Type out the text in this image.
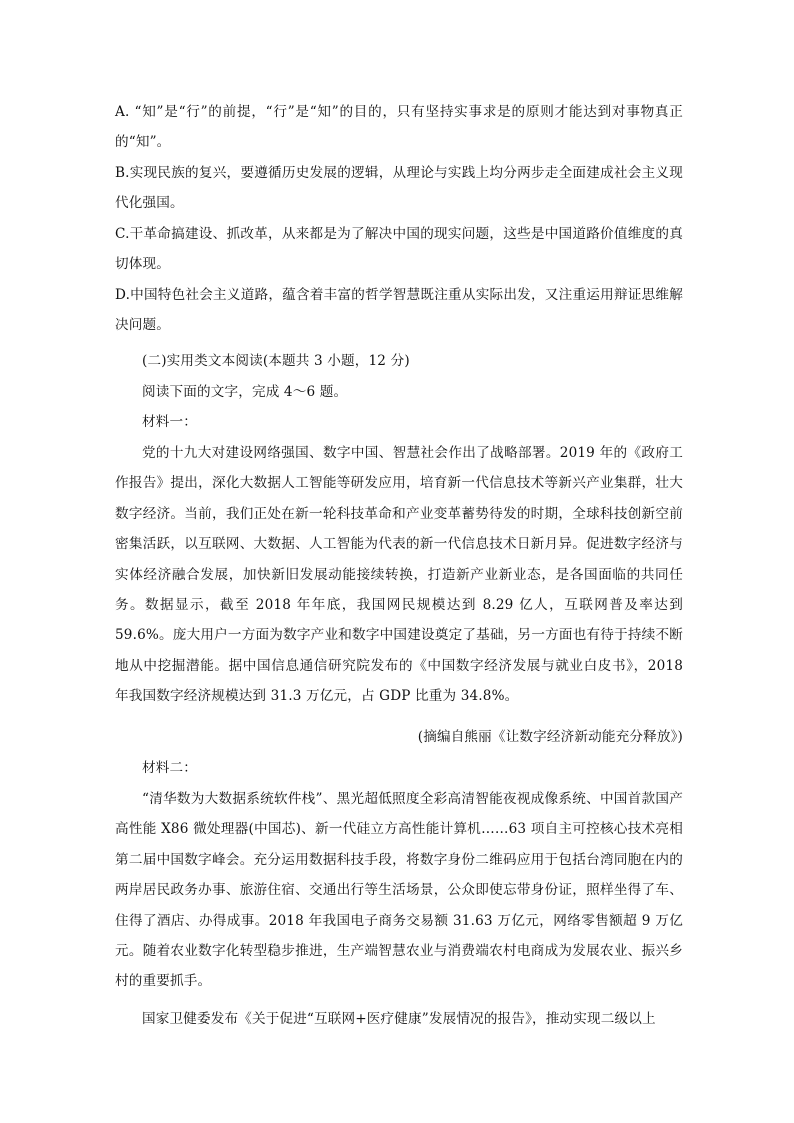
A. “知”是“行”的前提，“行”是“知”的目的，只有坚持实事求是的原则才能达到对事物真正的“知”。

B.实现民族的复兴，要遵循历史发展的逻辑，从理论与实践上均分两步走全面建成社会主义现代化强国。

C.干革命搞建设、抓改革，从来都是为了解决中国的现实问题，这些是中国道路价值维度的真切体现。

D.中国特色社会主义道路，蕴含着丰富的哲学智慧既注重从实际出发，又注重运用辩证思维解决问题。

(二)实用类文本阅读(本题共 3 小题，12 分)

阅读下面的文字，完成 4～6 题。

材料一：

党的十九大对建设网络强国、数字中国、智慧社会作出了战略部署。2019 年的《政府工作报告》提出，深化大数据人工智能等研发应用，培育新一代信息技术等新兴产业集群，壮大数字经济。当前，我们正处在新一轮科技革命和产业变革蓄势待发的时期，全球科技创新空前密集活跃，以互联网、大数据、人工智能为代表的新一代信息技术日新月异。促进数字经济与实体经济融合发展，加快新旧发展动能接续转换，打造新产业新业态，是各国面临的共同任务。数据显示，截至 2018 年年底，我国网民规模达到 8.29 亿人，互联网普及率达到 59.6%。庞大用户一方面为数字产业和数字中国建设奠定了基础，另一方面也有待于持续不断地从中挖掘潜能。据中国信息通信研究院发布的《中国数字经济发展与就业白皮书》，2018 年我国数字经济规模达到 31.3 万亿元，占 GDP 比重为 34.8%。

(摘编自熊丽《让数字经济新动能充分释放》)

材料二：

“清华数为大数据系统软件栈”、黑光超低照度全彩高清智能夜视成像系统、中国首款国产高性能 X86 微处理器(中国芯)、新一代硅立方高性能计算机……63 项自主可控核心技术亮相第二届中国数字峰会。充分运用数据科技手段，将数字身份二维码应用于包括台湾同胞在内的两岸居民政务办事、旅游住宿、交通出行等生活场景，公众即使忘带身份证，照样坐得了车、住得了酒店、办得成事。2018 年我国电子商务交易额 31.63 万亿元，网络零售额超 9 万亿元。随着农业数字化转型稳步推进，生产端智慧农业与消费端农村电商成为发展农业、振兴乡村的重要抓手。

国家卫健委发布《关于促进“互联网+医疗健康”发展情况的报告》，推动实现二级以上
